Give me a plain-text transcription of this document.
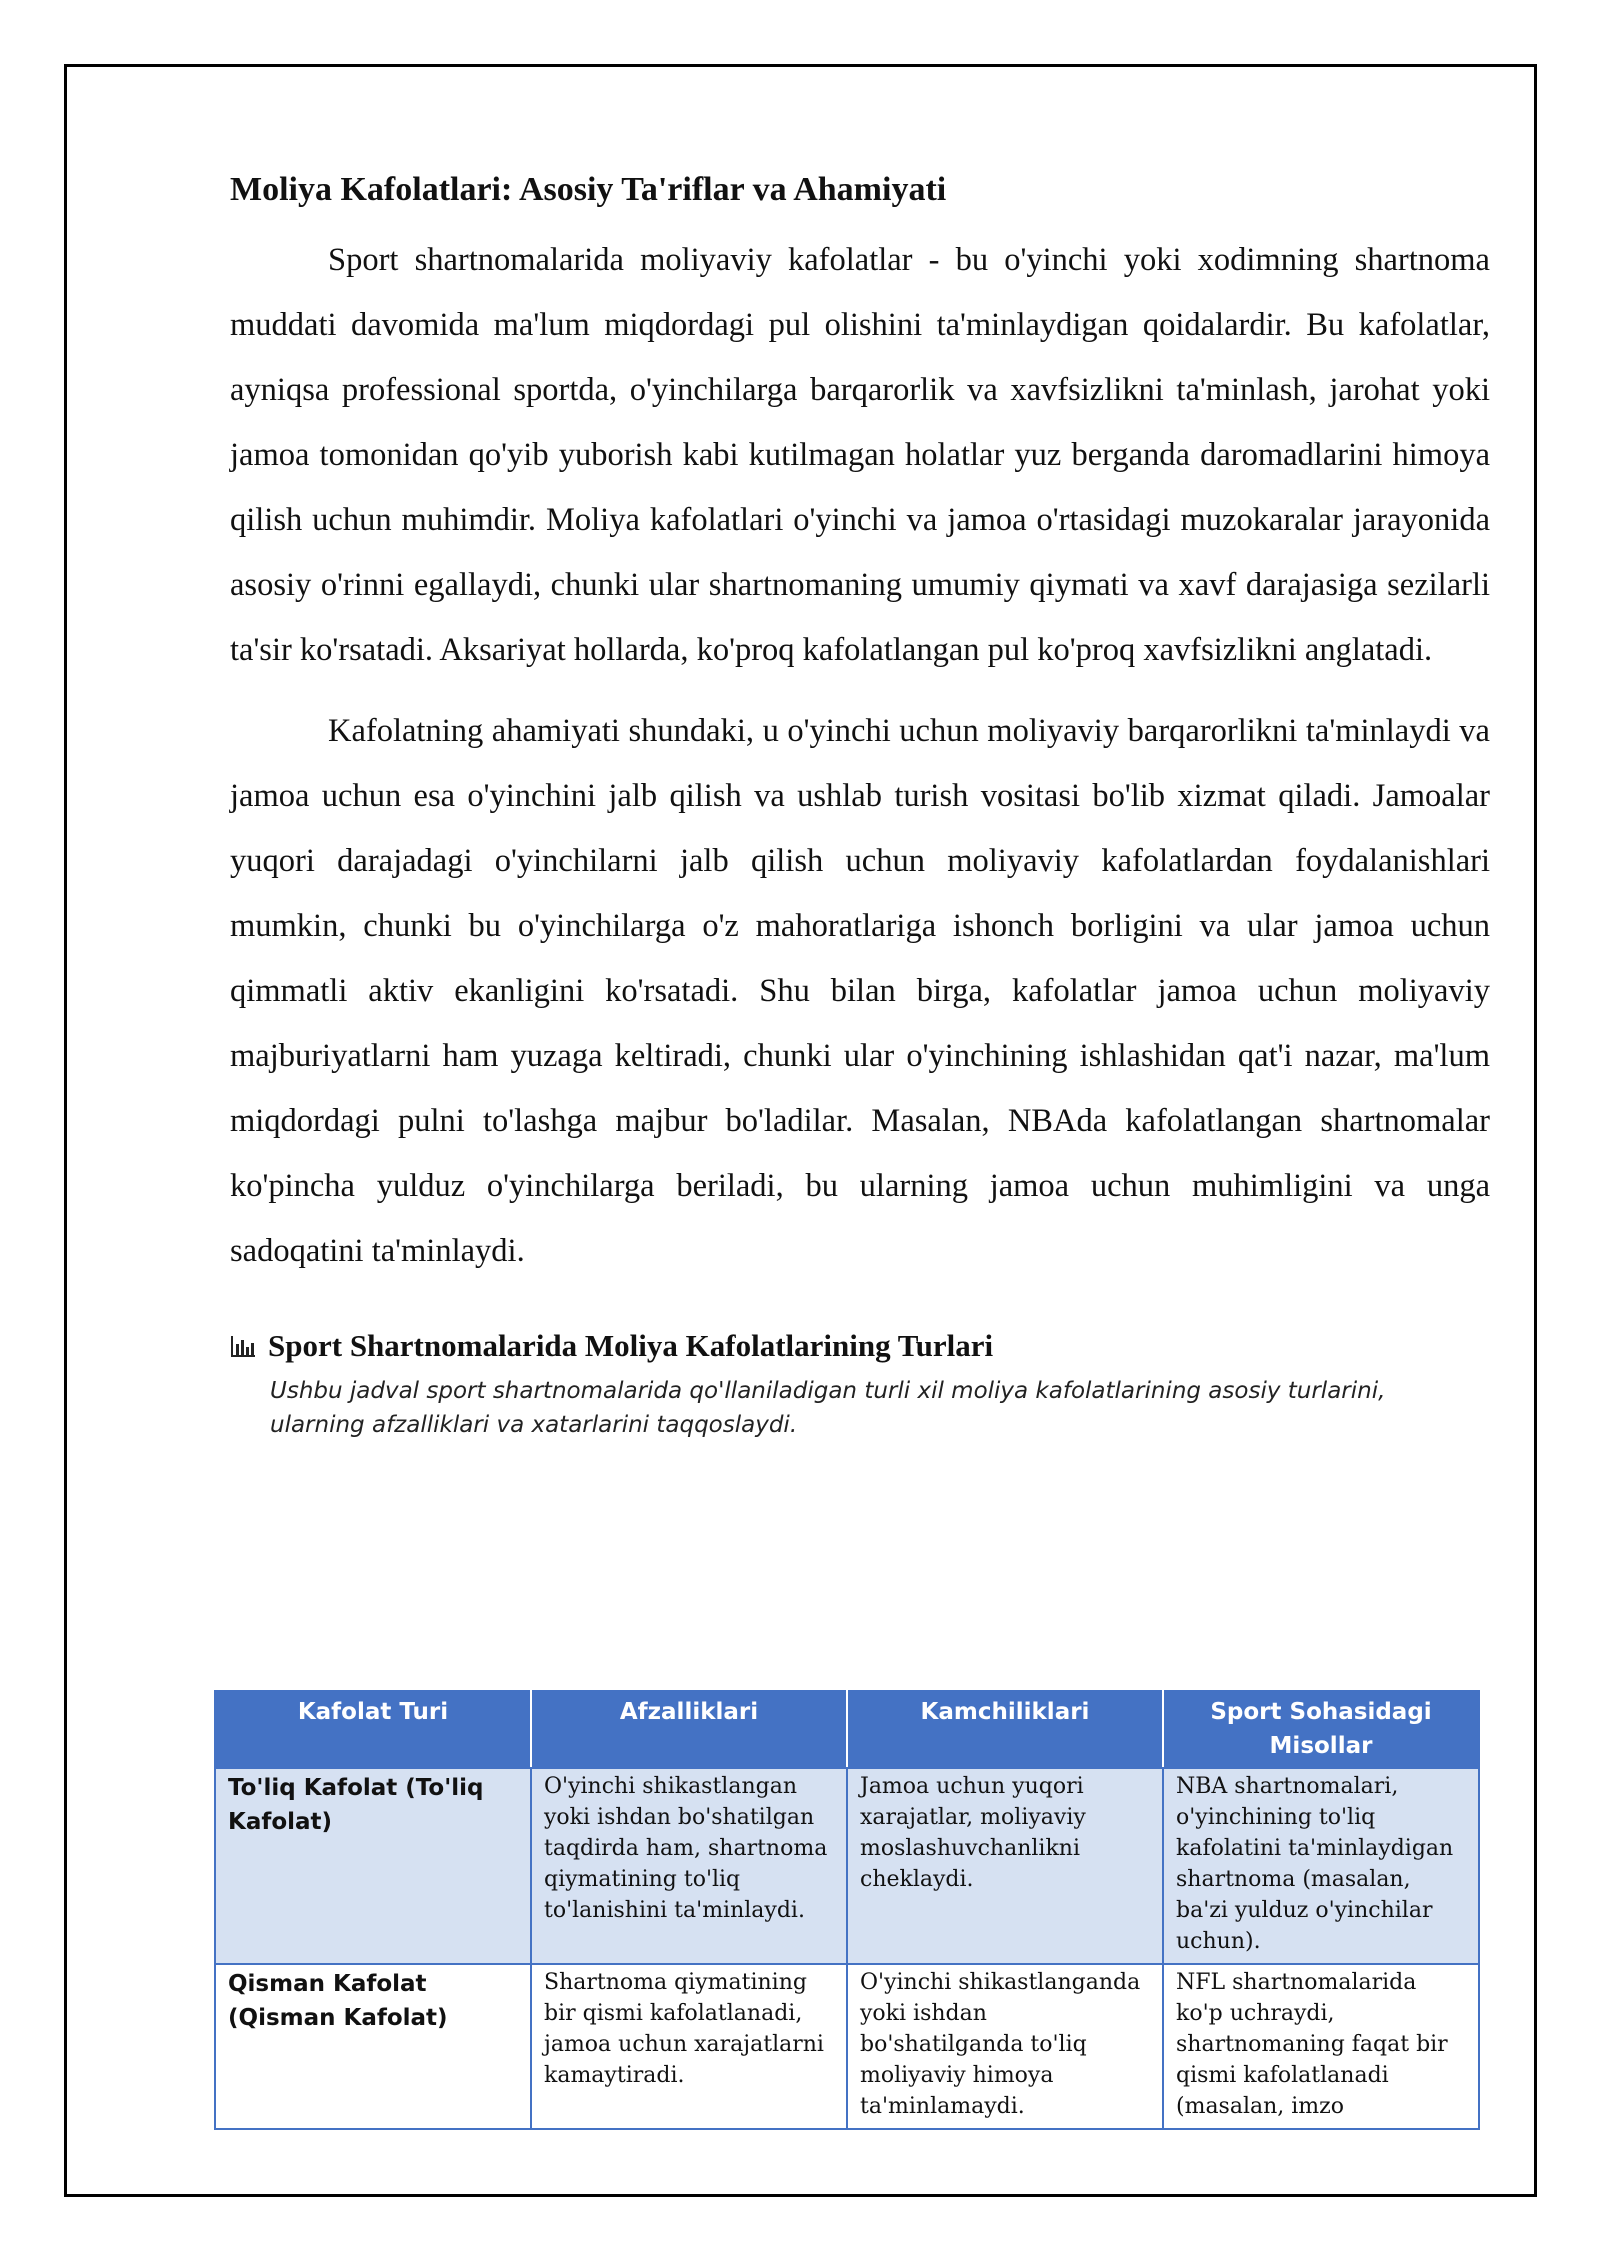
Moliya Kafolatlari: Asosiy Ta'riflar va Ahamiyati

Sport shartnomalarida moliyaviy kafolatlar - bu o'yinchi yoki xodimning shartnoma muddati davomida ma'lum miqdordagi pul olishini ta'minlaydigan qoidalardir. Bu kafolatlar, ayniqsa professional sportda, o'yinchilarga barqarorlik va xavfsizlikni ta'minlash, jarohat yoki jamoa tomonidan qo'yib yuborish kabi kutilmagan holatlar yuz berganda daromadlarini himoya qilish uchun muhimdir. Moliya kafolatlari o'yinchi va jamoa o'rtasidagi muzokaralar jarayonida asosiy o'rinni egallaydi, chunki ular shartnomaning umumiy qiymati va xavf darajasiga sezilarli ta'sir ko'rsatadi. Aksariyat hollarda, ko'proq kafolatlangan pul ko'proq xavfsizlikni anglatadi.

Kafolatning ahamiyati shundaki, u o'yinchi uchun moliyaviy barqarorlikni ta'minlaydi va jamoa uchun esa o'yinchini jalb qilish va ushlab turish vositasi bo'lib xizmat qiladi. Jamoalar yuqori darajadagi o'yinchilarni jalb qilish uchun moliyaviy kafolatlardan foydalanishlari mumkin, chunki bu o'yinchilarga o'z mahoratlariga ishonch borligini va ular jamoa uchun qimmatli aktiv ekanligini ko'rsatadi. Shu bilan birga, kafolatlar jamoa uchun moliyaviy majburiyatlarni ham yuzaga keltiradi, chunki ular o'yinchining ishlashidan qat'i nazar, ma'lum miqdordagi pulni to'lashga majbur bo'ladilar. Masalan, NBAda kafolatlangan shartnomalar ko'pincha yulduz o'yinchilarga beriladi, bu ularning jamoa uchun muhimligini va unga sadoqatini ta'minlaydi.

Sport Shartnomalarida Moliya Kafolatlarining Turlari
Ushbu jadval sport shartnomalarida qo'llaniladigan turli xil moliya kafolatlarining asosiy turlarini, ularning afzalliklari va xatarlarini taqqoslaydi.
Kafolat Turi	Afzalliklari	Kamchiliklari	Sport Sohasidagi Misollar
To'liq Kafolat (To'liq Kafolat)	O'yinchi shikastlangan yoki ishdan bo'shatilgan taqdirda ham, shartnoma qiymatining to'liq to'lanishini ta'minlaydi.	Jamoa uchun yuqori xarajatlar, moliyaviy moslashuvchanlikni cheklaydi.	NBA shartnomalari, o'yinchining to'liq kafolatini ta'minlaydigan shartnoma (masalan, ba'zi yulduz o'yinchilar uchun).
Qisman Kafolat (Qisman Kafolat)	Shartnoma qiymatining bir qismi kafolatlanadi, jamoa uchun xarajatlarni kamaytiradi.	O'yinchi shikastlanganda yoki ishdan bo'shatilganda to'liq moliyaviy himoya ta'minlamaydi.	NFL shartnomalarida ko'p uchraydi, shartnomaning faqat bir qismi kafolatlanadi (masalan, imzo
